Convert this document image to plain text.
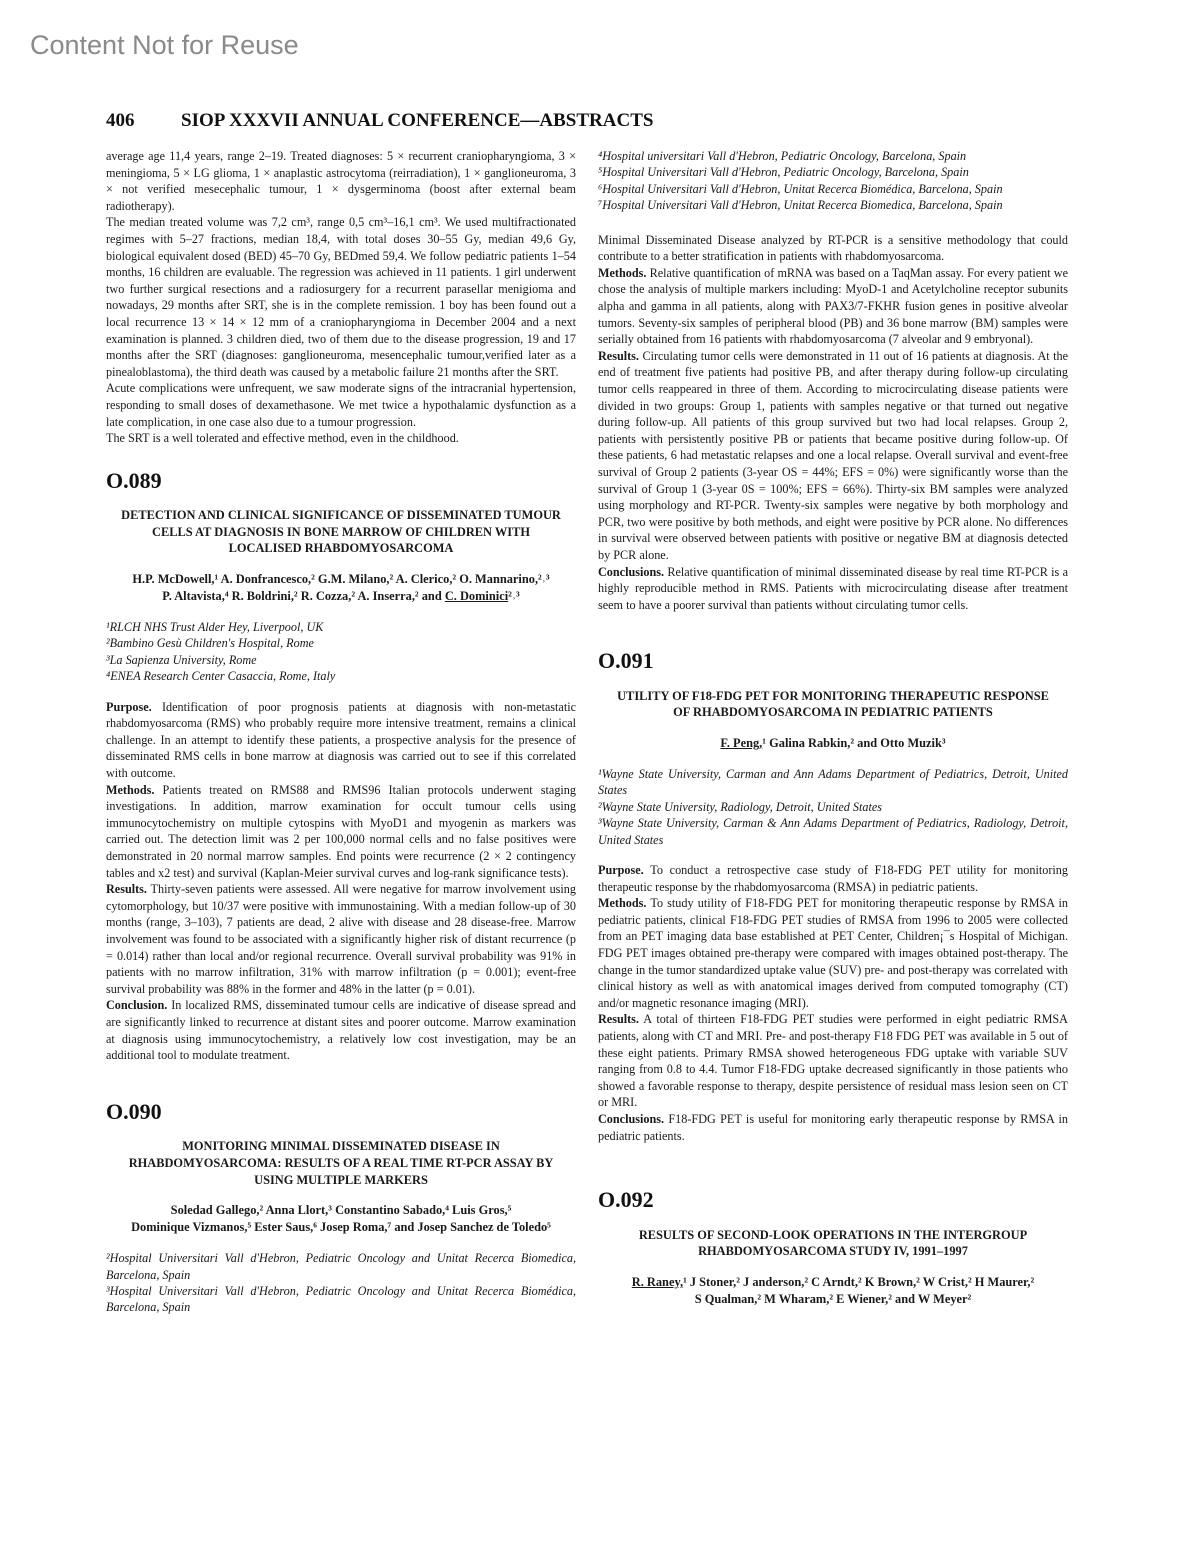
Content Not for Reuse
406 SIOP XXXVII ANNUAL CONFERENCE—ABSTRACTS

average age 11,4 years, range 2–19. Treated diagnoses: 5 × recurrent craniopharyngioma, 3 × meningioma, 5 × LG glioma, 1 × anaplastic astrocytoma (reirradiation), 1 × ganglioneuroma, 3 × not verified mesecephalic tumour, 1 × dysgerminoma (boost after external beam radiotherapy).

The median treated volume was 7,2 cm³, range 0,5 cm³–16,1 cm³. We used multifractionated regimes with 5–27 fractions, median 18,4, with total doses 30–55 Gy, median 49,6 Gy, biological equivalent dosed (BED) 45–70 Gy, BEDmed 59,4. We follow pediatric patients 1–54 months, 16 children are evaluable. The regression was achieved in 11 patients. 1 girl underwent two further surgical resections and a radiosurgery for a recurrent parasellar menigioma and nowadays, 29 months after SRT, she is in the complete remission. 1 boy has been found out a local recurrence 13 × 14 × 12 mm of a craniopharyngioma in December 2004 and a next examination is planned. 3 children died, two of them due to the disease progression, 19 and 17 months after the SRT (diagnoses: ganglioneuroma, mesencephalic tumour,verified later as a pinealoblastoma), the third death was caused by a metabolic failure 21 months after the SRT.

Acute complications were unfrequent, we saw moderate signs of the intracranial hypertension, responding to small doses of dexamethasone. We met twice a hypothalamic dysfunction as a late complication, in one case also due to a tumour progression.

The SRT is a well tolerated and effective method, even in the childhood.

O.089
DETECTION AND CLINICAL SIGNIFICANCE OF DISSEMINATED TUMOUR CELLS AT DIAGNOSIS IN BONE MARROW OF CHILDREN WITH LOCALISED RHABDOMYOSARCOMA
H.P. McDowell,¹ A. Donfrancesco,² G.M. Milano,² A. Clerico,² O. Mannarino,²˒³
P. Altavista,⁴ R. Boldrini,² R. Cozza,² A. Inserra,² and C. Dominici²˒³

¹RLCH NHS Trust Alder Hey, Liverpool, UK

²Bambino Gesù Children's Hospital, Rome

³La Sapienza University, Rome

⁴ENEA Research Center Casaccia, Rome, Italy

Purpose. Identification of poor prognosis patients at diagnosis with non-metastatic rhabdomyosarcoma (RMS) who probably require more intensive treatment, remains a clinical challenge. In an attempt to identify these patients, a prospective analysis for the presence of disseminated RMS cells in bone marrow at diagnosis was carried out to see if this correlated with outcome.

Methods. Patients treated on RMS88 and RMS96 Italian protocols underwent staging investigations. In addition, marrow examination for occult tumour cells using immunocytochemistry on multiple cytospins with MyoD1 and myogenin as markers was carried out. The detection limit was 2 per 100,000 normal cells and no false positives were demonstrated in 20 normal marrow samples. End points were recurrence (2 × 2 contingency tables and x2 test) and survival (Kaplan-Meier survival curves and log-rank significance tests).

Results. Thirty-seven patients were assessed. All were negative for marrow involvement using cytomorphology, but 10/37 were positive with immunostaining. With a median follow-up of 30 months (range, 3–103), 7 patients are dead, 2 alive with disease and 28 disease-free. Marrow involvement was found to be associated with a significantly higher risk of distant recurrence (p = 0.014) rather than local and/or regional recurrence. Overall survival probability was 91% in patients with no marrow infiltration, 31% with marrow infiltration (p = 0.001); event-free survival probability was 88% in the former and 48% in the latter (p = 0.01).

Conclusion. In localized RMS, disseminated tumour cells are indicative of disease spread and are significantly linked to recurrence at distant sites and poorer outcome. Marrow examination at diagnosis using immunocytochemistry, a relatively low cost investigation, may be an additional tool to modulate treatment.

O.090
MONITORING MINIMAL DISSEMINATED DISEASE IN RHABDOMYOSARCOMA: RESULTS OF A REAL TIME RT-PCR ASSAY BY USING MULTIPLE MARKERS
Soledad Gallego,² Anna Llort,³ Constantino Sabado,⁴ Luis Gros,⁵
Dominique Vizmanos,⁵ Ester Saus,⁶ Josep Roma,⁷ and Josep Sanchez de Toledo⁵

²Hospital Universitari Vall d'Hebron, Pediatric Oncology and Unitat Recerca Biomedica, Barcelona, Spain

³Hospital Universitari Vall d'Hebron, Pediatric Oncology and Unitat Recerca Biomédica, Barcelona, Spain

⁴Hospital universitari Vall d'Hebron, Pediatric Oncology, Barcelona, Spain

⁵Hospital Universitari Vall d'Hebron, Pediatric Oncology, Barcelona, Spain

⁶Hospital Universitari Vall d'Hebron, Unitat Recerca Biomédica, Barcelona, Spain

⁷Hospital Universitari Vall d'Hebron, Unitat Recerca Biomedica, Barcelona, Spain

Minimal Disseminated Disease analyzed by RT-PCR is a sensitive methodology that could contribute to a better stratification in patients with rhabdomyosarcoma.

Methods. Relative quantification of mRNA was based on a TaqMan assay. For every patient we chose the analysis of multiple markers including: MyoD-1 and Acetylcholine receptor subunits alpha and gamma in all patients, along with PAX3/7-FKHR fusion genes in positive alveolar tumors. Seventy-six samples of peripheral blood (PB) and 36 bone marrow (BM) samples were serially obtained from 16 patients with rhabdomyosarcoma (7 alveolar and 9 embryonal).

Results. Circulating tumor cells were demonstrated in 11 out of 16 patients at diagnosis. At the end of treatment five patients had positive PB, and after therapy during follow-up circulating tumor cells reappeared in three of them. According to microcirculating disease patients were divided in two groups: Group 1, patients with samples negative or that turned out negative during follow-up. All patients of this group survived but two had local relapses. Group 2, patients with persistently positive PB or patients that became positive during follow-up. Of these patients, 6 had metastatic relapses and one a local relapse. Overall survival and event-free survival of Group 2 patients (3-year OS = 44%; EFS = 0%) were significantly worse than the survival of Group 1 (3-year 0S = 100%; EFS = 66%). Thirty-six BM samples were analyzed using morphology and RT-PCR. Twenty-six samples were negative by both morphology and PCR, two were positive by both methods, and eight were positive by PCR alone. No differences in survival were observed between patients with positive or negative BM at diagnosis detected by PCR alone.

Conclusions. Relative quantification of minimal disseminated disease by real time RT-PCR is a highly reproducible method in RMS. Patients with microcirculating disease after treatment seem to have a poorer survival than patients without circulating tumor cells.

O.091
UTILITY OF F18-FDG PET FOR MONITORING THERAPEUTIC RESPONSE OF RHABDOMYOSARCOMA IN PEDIATRIC PATIENTS
F. Peng,¹ Galina Rabkin,² and Otto Muzik³

¹Wayne State University, Carman and Ann Adams Department of Pediatrics, Detroit, United States

²Wayne State University, Radiology, Detroit, United States

³Wayne State University, Carman & Ann Adams Department of Pediatrics, Radiology, Detroit, United States

Purpose. To conduct a retrospective case study of F18-FDG PET utility for monitoring therapeutic response by the rhabdomyosarcoma (RMSA) in pediatric patients.

Methods. To study utility of F18-FDG PET for monitoring therapeutic response by RMSA in pediatric patients, clinical F18-FDG PET studies of RMSA from 1996 to 2005 were collected from an PET imaging data base established at PET Center, Children¡¯s Hospital of Michigan. FDG PET images obtained pre-therapy were compared with images obtained post-therapy. The change in the tumor standardized uptake value (SUV) pre- and post-therapy was correlated with clinical history as well as with anatomical images derived from computed tomography (CT) and/or magnetic resonance imaging (MRI).

Results. A total of thirteen F18-FDG PET studies were performed in eight pediatric RMSA patients, along with CT and MRI. Pre- and post-therapy F18 FDG PET was available in 5 out of these eight patients. Primary RMSA showed heterogeneous FDG uptake with variable SUV ranging from 0.8 to 4.4. Tumor F18-FDG uptake decreased significantly in those patients who showed a favorable response to therapy, despite persistence of residual mass lesion seen on CT or MRI.

Conclusions. F18-FDG PET is useful for monitoring early therapeutic response by RMSA in pediatric patients.

O.092
RESULTS OF SECOND-LOOK OPERATIONS IN THE INTERGROUP RHABDOMYOSARCOMA STUDY IV, 1991–1997
R. Raney,¹ J Stoner,² J anderson,² C Arndt,² K Brown,² W Crist,² H Maurer,²
S Qualman,² M Wharam,² E Wiener,² and W Meyer²
